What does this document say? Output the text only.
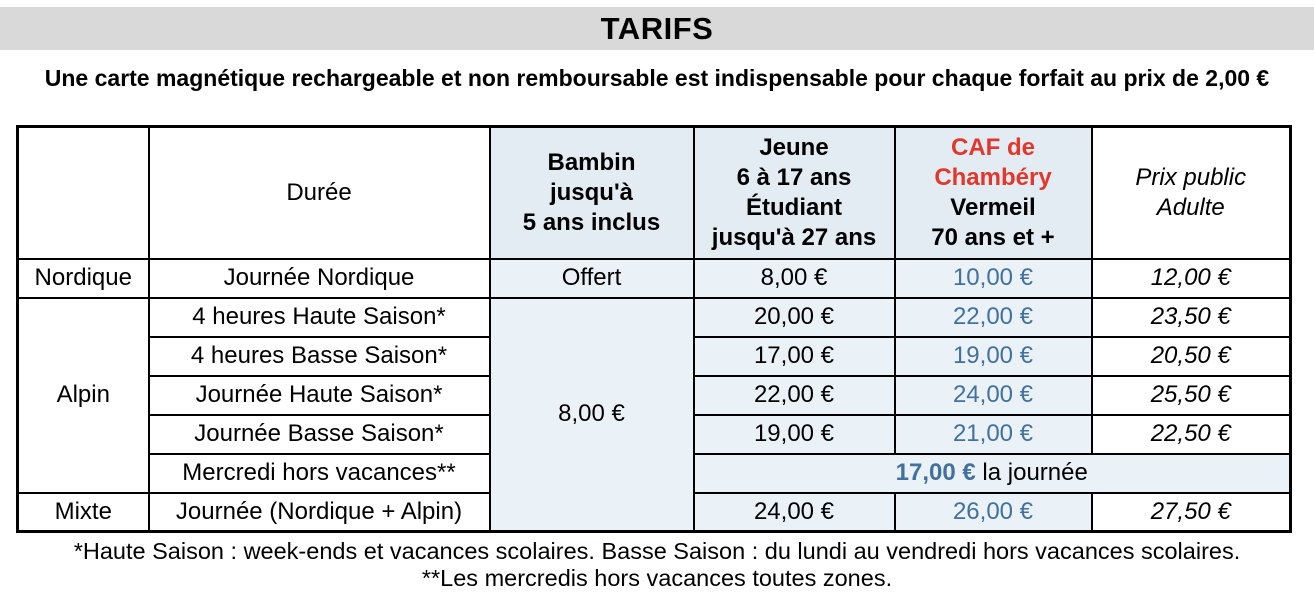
TARIFS
Une carte magnétique rechargeable et non remboursable est indispensable pour chaque forfait au prix de 2,00 €
	Durée	Bambin
jusqu'à
5 ans inclus	Jeune
6 à 17 ans
Étudiant
jusqu'à 27 ans	CAF de
Chambéry
Vermeil
70 ans et +	Prix public
Adulte

Nordique	Journée Nordique	Offert	8,00 €	10,00 €	12,00 €
Alpin	4 heures Haute Saison*	8,00 €	20,00 €	22,00 €	23,50 €
	4 heures Basse Saison*		17,00 €	19,00 €	20,50 €
	Journée Haute Saison*		22,00 €	24,00 €	25,50 €
	Journée Basse Saison*		19,00 €	21,00 €	22,50 €
	Mercredi hors vacances**		17,00 € la journée		
Mixte	Journée (Nordique + Alpin)		24,00 €	26,00 €	27,50 €
*Haute Saison : week-ends et vacances scolaires. Basse Saison : du lundi au vendredi hors vacances scolaires.
**Les mercredis hors vacances toutes zones.
